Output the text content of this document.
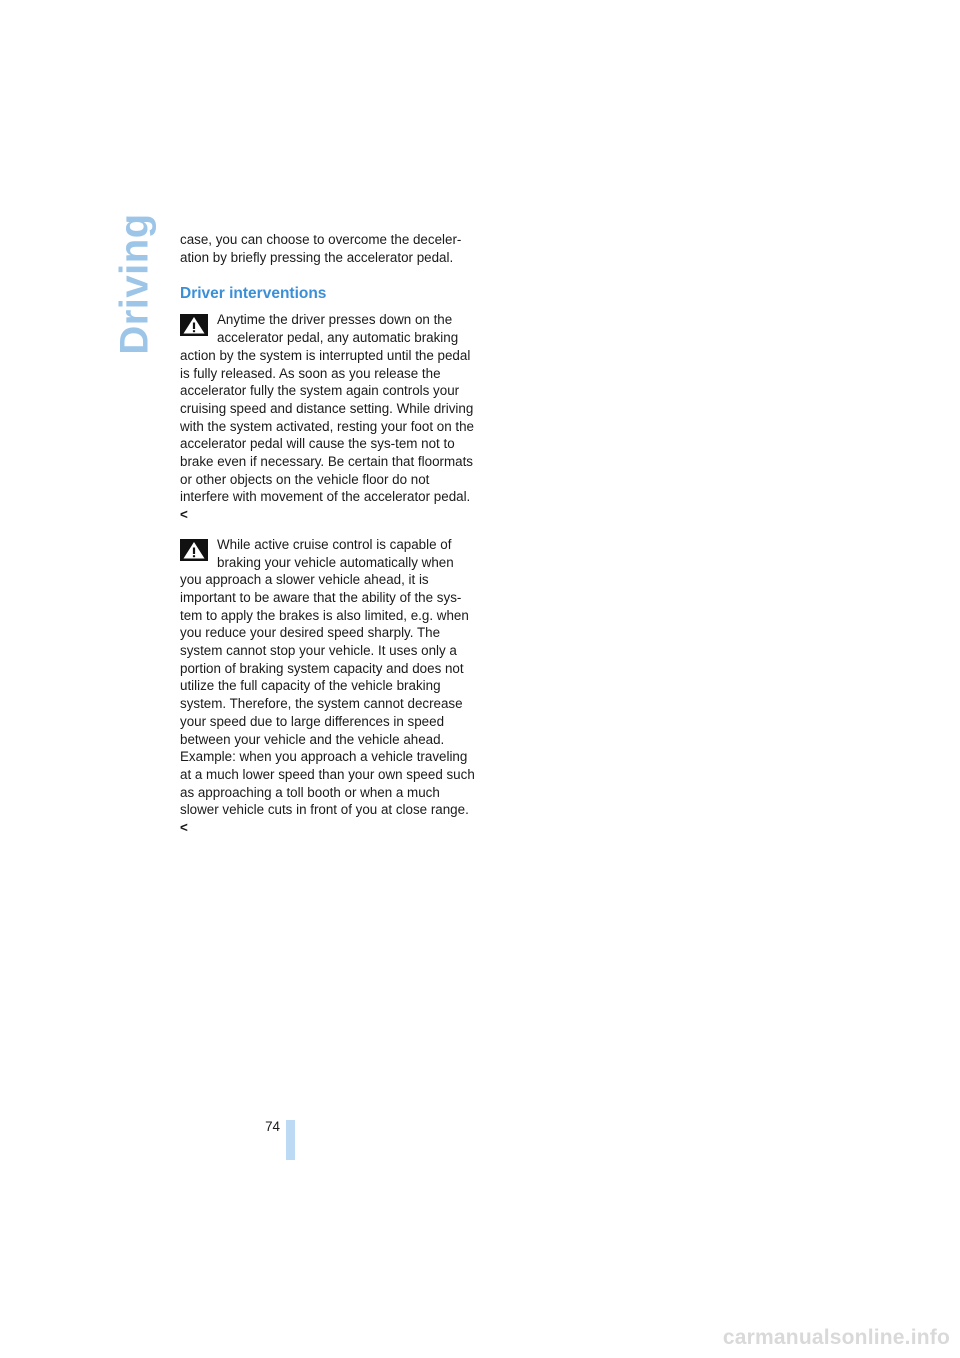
Driving case, you can choose to overcome the deceler-ation by briefly pressing the accelerator pedal.

Driver interventions

Anytime the driver presses down on the accelerator pedal, any automatic braking action by the system is interrupted until the pedal is fully released. As soon as you release the accelerator fully the system again controls your cruising speed and distance setting. While driving with the system activated, resting your foot on the accelerator pedal will cause the sys-tem not to brake even if necessary. Be certain that floormats or other objects on the vehicle floor do not interfere with movement of the accelerator pedal.<

While active cruise control is capable of braking your vehicle automatically when you approach a slower vehicle ahead, it is important to be aware that the ability of the sys-tem to apply the brakes is also limited, e.g. when you reduce your desired speed sharply. The system cannot stop your vehicle. It uses only a portion of braking system capacity and does not utilize the full capacity of the vehicle braking system. Therefore, the system cannot decrease your speed due to large differences in speed between your vehicle and the vehicle ahead. Example: when you approach a vehicle traveling at a much lower speed than your own speed such as approaching a toll booth or when a much slower vehicle cuts in front of you at close range.<

74
carmanualsonline.info
